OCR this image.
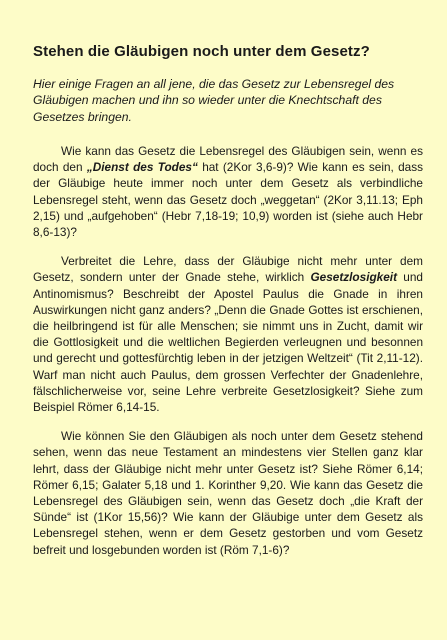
Stehen die Gläubigen noch unter dem Gesetz?

Hier einige Fragen an all jene, die das Gesetz zur Lebensregel des Gläubigen machen und ihn so wieder unter die Knechtschaft des Gesetzes bringen.

Wie kann das Gesetz die Lebensregel des Gläubigen sein, wenn es doch den „Dienst des Todes“ hat (2Kor 3,6-9)? Wie kann es sein, dass der Gläubige heute immer noch unter dem Gesetz als verbindliche Lebensregel steht, wenn das Gesetz doch „weggetan“ (2Kor 3,11.13; Eph 2,15) und „aufgehoben“ (Hebr 7,18-19; 10,9) worden ist (siehe auch Hebr 8,6-13)?

Verbreitet die Lehre, dass der Gläubige nicht mehr unter dem Gesetz, sondern unter der Gnade stehe, wirklich Gesetzlosigkeit und Antinomismus? Beschreibt der Apostel Paulus die Gnade in ihren Auswirkungen nicht ganz anders? „Denn die Gnade Gottes ist erschienen, die heilbringend ist für alle Menschen; sie nimmt uns in Zucht, damit wir die Gottlosigkeit und die weltlichen Begierden verleugnen und besonnen und gerecht und gottesfürchtig leben in der jetzigen Weltzeit“ (Tit 2,11-12). Warf man nicht auch Paulus, dem grossen Verfechter der Gnadenlehre, fälschlicherweise vor, seine Lehre verbreite Gesetzlosigkeit? Siehe zum Beispiel Römer 6,14-15.

Wie können Sie den Gläubigen als noch unter dem Gesetz stehend sehen, wenn das neue Testament an mindestens vier Stellen ganz klar lehrt, dass der Gläubige nicht mehr unter Gesetz ist? Siehe Römer 6,14; Römer 6,15; Galater 5,18 und 1. Korinther 9,20. Wie kann das Gesetz die Lebensregel des Gläubigen sein, wenn das Gesetz doch „die Kraft der Sünde“ ist (1Kor 15,56)? Wie kann der Gläubige unter dem Gesetz als Lebensregel stehen, wenn er dem Gesetz gestorben und vom Gesetz befreit und losgebunden worden ist (Röm 7,1-6)?
